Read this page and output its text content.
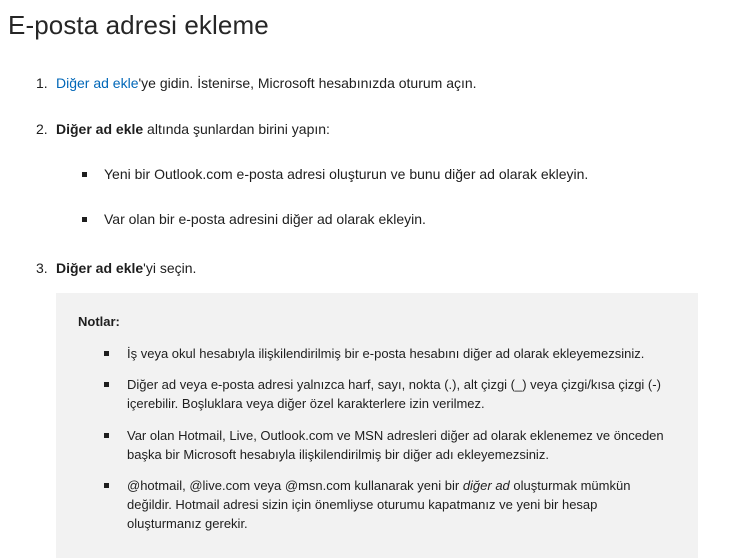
E-posta adresi ekleme
1. Diğer ad ekle'ye gidin. İstenirse, Microsoft hesabınızda oturum açın.
2. Diğer ad ekle altında şunlardan birini yapın:
Yeni bir Outlook.com e-posta adresi oluşturun ve bunu diğer ad olarak ekleyin.
Var olan bir e-posta adresini diğer ad olarak ekleyin.
3. Diğer ad ekle'yi seçin.
Notlar:
İş veya okul hesabıyla ilişkilendirilmiş bir e-posta hesabını diğer ad olarak ekleyemezsiniz.
Diğer ad veya e-posta adresi yalnızca harf, sayı, nokta (.), alt çizgi (_) veya çizgi/kısa çizgi (-)
içerebilir. Boşluklara veya diğer özel karakterlere izin verilmez.
Var olan Hotmail, Live, Outlook.com ve MSN adresleri diğer ad olarak eklenemez ve önceden
başka bir Microsoft hesabıyla ilişkilendirilmiş bir diğer adı ekleyemezsiniz.
@hotmail, @live.com veya @msn.com kullanarak yeni bir diğer ad oluşturmak mümkün
değildir. Hotmail adresi sizin için önemliyse oturumu kapatmanız ve yeni bir hesap
oluşturmanız gerekir.
